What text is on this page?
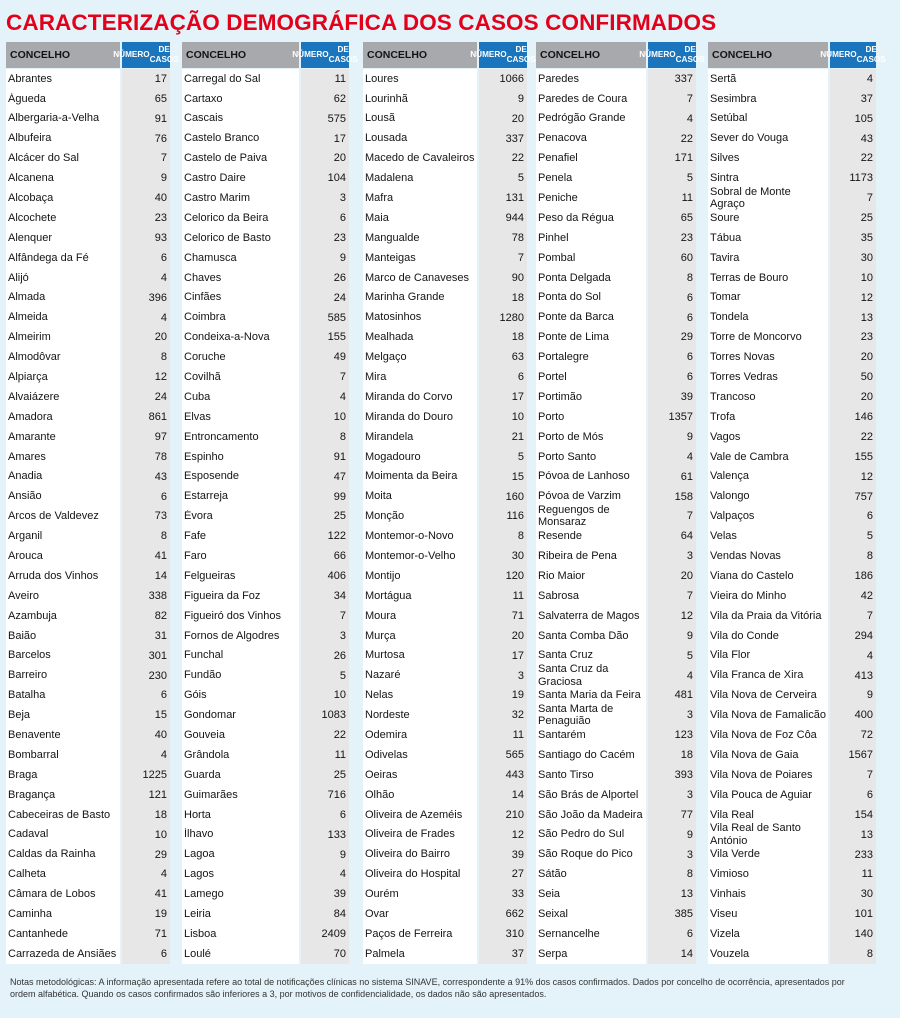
CARACTERIZAÇÃO DEMOGRÁFICA DOS CASOS CONFIRMADOS
CONCELHO	NÚMERO

DE CASOS
Abrantes	17
Águeda	65
Albergaria-a-Velha	91
Albufeira	76
Alcácer do Sal	7
Alcanena	9
Alcobaça	40
Alcochete	23
Alenquer	93
Alfândega da Fé	6
Alijó	4
Almada	396
Almeida	4
Almeirim	20
Almodôvar	8
Alpiarça	12
Alvaiázere	24
Amadora	861
Amarante	97
Amares	78
Anadia	43
Ansião	6
Arcos de Valdevez	73
Arganil	8
Arouca	41
Arruda dos Vinhos	14
Aveiro	338
Azambuja	82
Baião	31
Barcelos	301
Barreiro	230
Batalha	6
Beja	15
Benavente	40
Bombarral	4
Braga	1225
Bragança	121
Cabeceiras de Basto	18
Cadaval	10
Caldas da Rainha	29
Calheta	4
Câmara de Lobos	41
Caminha	19
Cantanhede	71
Carrazeda de Ansiães	6
CONCELHO	NÚMERO

DE CASOS
Carregal do Sal	11
Cartaxo	62
Cascais	575
Castelo Branco	17
Castelo de Paiva	20
Castro Daire	104
Castro Marim	3
Celorico da Beira	6
Celorico de Basto	23
Chamusca	9
Chaves	26
Cinfães	24
Coimbra	585
Condeixa-a-Nova	155
Coruche	49
Covilhã	7
Cuba	4
Elvas	10
Entroncamento	8
Espinho	91
Esposende	47
Estarreja	99
Évora	25
Fafe	122
Faro	66
Felgueiras	406
Figueira da Foz	34
Figueiró dos Vinhos	7
Fornos de Algodres	3
Funchal	26
Fundão	5
Góis	10
Gondomar	1083
Gouveia	22
Grândola	11
Guarda	25
Guimarães	716
Horta	6
Ílhavo	133
Lagoa	9
Lagos	4
Lamego	39
Leiria	84
Lisboa	2409
Loulé	70
CONCELHO	NÚMERO

DE CASOS
Loures	1066
Lourinhã	9
Lousã	20
Lousada	337
Macedo de Cavaleiros	22
Madalena	5
Mafra	131
Maia	944
Mangualde	78
Manteigas	7
Marco de Canaveses	90
Marinha Grande	18
Matosinhos	1280
Mealhada	18
Melgaço	63
Mira	6
Miranda do Corvo	17
Miranda do Douro	10
Mirandela	21
Mogadouro	5
Moimenta da Beira	15
Moita	160
Monção	116
Montemor-o-Novo	8
Montemor-o-Velho	30
Montijo	120
Mortágua	11
Moura	71
Murça	20
Murtosa	17
Nazaré	3
Nelas	19
Nordeste	32
Odemira	11
Odivelas	565
Oeiras	443
Olhão	14
Oliveira de Azeméis	210
Oliveira de Frades	12
Oliveira do Bairro	39
Oliveira do Hospital	27
Ourém	33
Ovar	662
Paços de Ferreira	310
Palmela	37
CONCELHO	NÚMERO

DE CASOS
Paredes	337
Paredes de Coura	7
Pedrógão Grande	4
Penacova	22
Penafiel	171
Penela	5
Peniche	11
Peso da Régua	65
Pinhel	23
Pombal	60
Ponta Delgada	8
Ponta do Sol	6
Ponte da Barca	6
Ponte de Lima	29
Portalegre	6
Portel	6
Portimão	39
Porto	1357
Porto de Mós	9
Porto Santo	4
Póvoa de Lanhoso	61
Póvoa de Varzim	158
Reguengos de Monsaraz	7
Resende	64
Ribeira de Pena	3
Rio Maior	20
Sabrosa	7
Salvaterra de Magos	12
Santa Comba Dão	9
Santa Cruz	5
Santa Cruz da Graciosa	4
Santa Maria da Feira	481
Santa Marta de Penaguião	3
Santarém	123
Santiago do Cacém	18
Santo Tirso	393
São Brás de Alportel	3
São João da Madeira	77
São Pedro do Sul	9
São Roque do Pico	3
Sátão	8
Seia	13
Seixal	385
Sernancelhe	6
Serpa	14
CONCELHO	NÚMERO

DE CASOS
Sertã	4
Sesimbra	37
Setúbal	105
Sever do Vouga	43
Silves	22
Sintra	1173
Sobral de Monte Agraço	7
Soure	25
Tábua	35
Tavira	30
Terras de Bouro	10
Tomar	12
Tondela	13
Torre de Moncorvo	23
Torres Novas	20
Torres Vedras	50
Trancoso	20
Trofa	146
Vagos	22
Vale de Cambra	155
Valença	12
Valongo	757
Valpaços	6
Velas	5
Vendas Novas	8
Viana do Castelo	186
Vieira do Minho	42
Vila da Praia da Vitória	7
Vila do Conde	294
Vila Flor	4
Vila Franca de Xira	413
Vila Nova de Cerveira	9
Vila Nova de Famalicão	400
Vila Nova de Foz Côa	72
Vila Nova de Gaia	1567
Vila Nova de Poiares	7
Vila Pouca de Aguiar	6
Vila Real	154
Vila Real de Santo António	13
Vila Verde	233
Vimioso	11
Vinhais	30
Viseu	101
Vizela	140
Vouzela	8

Notas metodológicas: A informação apresentada refere ao total de notificações clínicas no sistema SINAVE, correspondente a 91% dos casos confirmados. Dados por concelho de ocorrência, apresentados por ordem alfabética. Quando os casos confirmados são inferiores a 3, por motivos de confidencialidade, os dados não são apresentados.
